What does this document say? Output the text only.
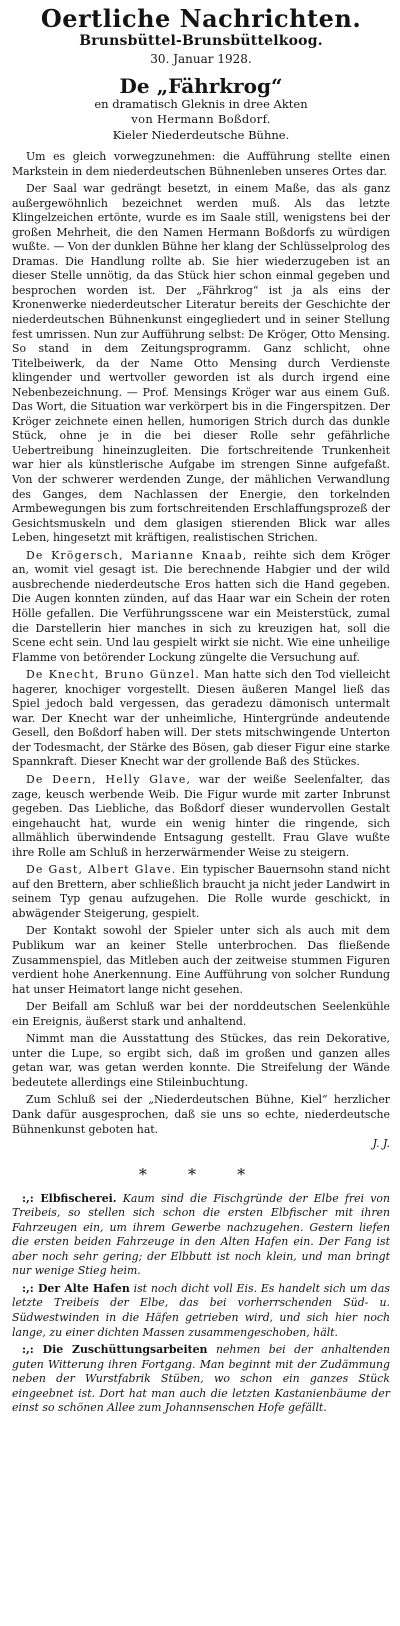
Oertliche Nachrichten.
Brunsbüttel-Brunsbüttelkoog.
30. Januar 1928.
De „Fährkrog“
en dramatisch Gleknis in dree Akten
von Hermann Boßdorf.
Kieler Niederdeutsche Bühne.

Um es gleich vorwegzunehmen: die Aufführung stellte einen Markstein in dem niederdeutschen Bühnenleben unseres Ortes dar.

Der Saal war gedrängt besetzt, in einem Maße, das als ganz außergewöhnlich bezeichnet werden muß. Als das letzte Klingelzeichen ertönte, wurde es im Saale still, wenigstens bei der großen Mehrheit, die den Namen Hermann Boßdorfs zu würdigen wußte. — Von der dunklen Bühne her klang der Schlüsselprolog des Dramas. Die Handlung rollte ab. Sie hier wiederzugeben ist an dieser Stelle unnötig, da das Stück hier schon einmal gegeben und besprochen worden ist. Der „Fährkrog“ ist ja als eins der Kronenwerke niederdeutscher Literatur bereits der Geschichte der niederdeutschen Bühnenkunst eingegliedert und in seiner Stellung fest umrissen. Nun zur Aufführung selbst: De Kröger, Otto Mensing. So stand in dem Zeitungsprogramm. Ganz schlicht, ohne Titelbeiwerk, da der Name Otto Mensing durch Verdienste klingender und wertvoller geworden ist als durch irgend eine Nebenbezeichnung. — Prof. Mensings Kröger war aus einem Guß. Das Wort, die Situation war verkörpert bis in die Fingerspitzen. Der Kröger zeichnete einen hellen, humorigen Strich durch das dunkle Stück, ohne je in die bei dieser Rolle sehr gefährliche Uebertreibung hineinzugleiten. Die fortschreitende Trunkenheit war hier als künstlerische Aufgabe im strengen Sinne aufgefaßt. Von der schwerer werdenden Zunge, der mählichen Verwandlung des Ganges, dem Nachlassen der Energie, den torkelnden Armbewegungen bis zum fortschreitenden Erschlaffungsprozeß der Gesichtsmuskeln und dem glasigen stierenden Blick war alles Leben, hingesetzt mit kräftigen, realistischen Strichen.

De Krögersch, Marianne Knaab, reihte sich dem Kröger an, womit viel gesagt ist. Die berechnende Habgier und der wild ausbrechende niederdeutsche Eros hatten sich die Hand gegeben. Die Augen konnten zünden, auf das Haar war ein Schein der roten Hölle gefallen. Die Verführungsscene war ein Meisterstück, zumal die Darstellerin hier manches in sich zu kreuzigen hat, soll die Scene echt sein. Und lau gespielt wirkt sie nicht. Wie eine unheilige Flamme von betörender Lockung züngelte die Versuchung auf.

De Knecht, Bruno Günzel. Man hatte sich den Tod vielleicht hagerer, knochiger vorgestellt. Diesen äußeren Mangel ließ das Spiel jedoch bald vergessen, das geradezu dämonisch untermalt war. Der Knecht war der unheimliche, Hintergründe andeutende Gesell, den Boßdorf haben will. Der stets mitschwingende Unterton der Todesmacht, der Stärke des Bösen, gab dieser Figur eine starke Spannkraft. Dieser Knecht war der grollende Baß des Stückes.

De Deern, Helly Glave, war der weiße Seelenfalter, das zage, keusch werbende Weib. Die Figur wurde mit zarter Inbrunst gegeben. Das Liebliche, das Boßdorf dieser wundervollen Gestalt eingehaucht hat, wurde ein wenig hinter die ringende, sich allmählich überwindende Entsagung gestellt. Frau Glave wußte ihre Rolle am Schluß in herzerwärmender Weise zu steigern.

De Gast, Albert Glave. Ein typischer Bauernsohn stand nicht auf den Brettern, aber schließlich braucht ja nicht jeder Landwirt in seinem Typ genau aufzugehen. Die Rolle wurde geschickt, in abwägender Steigerung, gespielt.

Der Kontakt sowohl der Spieler unter sich als auch mit dem Publikum war an keiner Stelle unterbrochen. Das fließende Zusammenspiel, das Mitleben auch der zeitweise stummen Figuren verdient hohe Anerkennung. Eine Aufführung von solcher Rundung hat unser Heimatort lange nicht gesehen.

Der Beifall am Schluß war bei der norddeutschen Seelenkühle ein Ereignis, äußerst stark und anhaltend.

Nimmt man die Ausstattung des Stückes, das rein Dekorative, unter die Lupe, so ergibt sich, daß im großen und ganzen alles getan war, was getan werden konnte. Die Streifelung der Wände bedeutete allerdings eine Stileinbuchtung.

Zum Schluß sei der „Niederdeutschen Bühne, Kiel“ herzlicher Dank dafür ausgesprochen, daß sie uns so echte, niederdeutsche Bühnenkunst geboten hat.

J. J.
* * *

:,: Elbfischerei. Kaum sind die Fischgründe der Elbe frei von Treibeis, so stellen sich schon die ersten Elbfischer mit ihren Fahrzeugen ein, um ihrem Gewerbe nachzugehen. Gestern liefen die ersten beiden Fahrzeuge in den Alten Hafen ein. Der Fang ist aber noch sehr gering; der Elbbutt ist noch klein, und man bringt nur wenige Stieg heim.

:,: Der Alte Hafen ist noch dicht voll Eis. Es handelt sich um das letzte Treibeis der Elbe, das bei vorherrschenden Süd- u. Südwestwinden in die Häfen getrieben wird, und sich hier noch lange, zu einer dichten Massen zusammengeschoben, hält.

:,: Die Zuschüttungsarbeiten nehmen bei der anhaltenden guten Witterung ihren Fortgang. Man beginnt mit der Zudämmung neben der Wurstfabrik Stüben, wo schon ein ganzes Stück eingeebnet ist. Dort hat man auch die letzten Kastanienbäume der einst so schönen Allee zum Johannsenschen Hofe gefällt.
